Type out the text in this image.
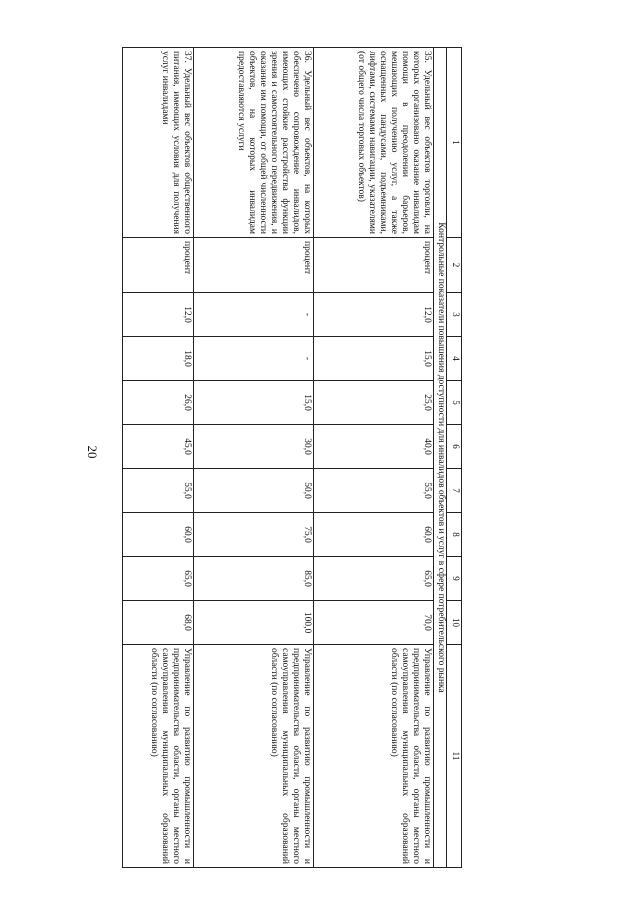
20
1	2	3	4	5	6	7	8	9	10	11
Контрольные показатели повышения доступности для инвалидов объектов и услуг в сфере потребительского рынка										
35. Удельный вес объектов торговли, на которых организовано оказание инвалидам помощи в преодолении барьеров, мешающих получению услуг, а также оснащенных пандусами, подъемниками, лифтами, системами навигации, указателями (от общего числа торговых объектов)	процент	12,0	15,0	25,0	40,0	55,0	60,0	65,0	70,0	Управление по развитию промышленности и предпринимательства области, органы местного самоуправления муниципальных образований области (по согласованию)
36. Удельный вес объектов, на которых обеспечено сопровождение инвалидов, имеющих стойкие расстройства функции зрения и самостоятельного передвижения, и оказание им помощи, от общей численности объектов, на которых инвалидам предоставляются услуги	процент	-	-	15,0	30,0	50,0	75,0	85,0	100,0	Управление по развитию промышленности и предпринимательства области, органы местного самоуправления муниципальных образований области (по согласованию)
37. Удельный вес объектов общественного питания, имеющих условия для получения услуг инвалидами	процент	12,0	18,0	26,0	45,0	55,0	60,0	65,0	68,0	Управление по развитию промышленности и предпринимательства области, органы местного самоуправления муниципальных образований области (по согласованию)
